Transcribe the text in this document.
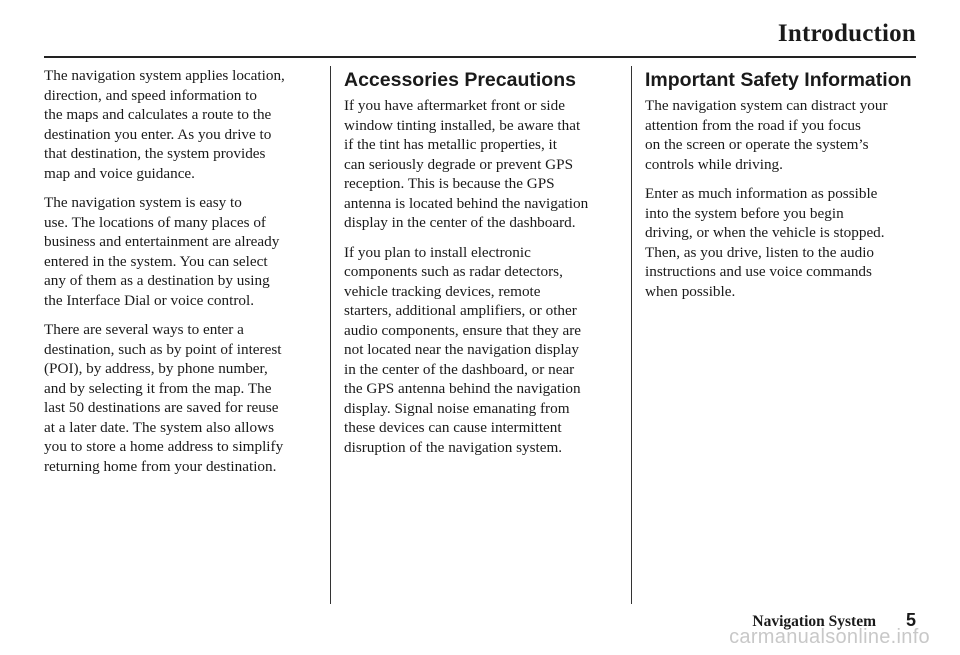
Introduction

The navigation system applies location,
direction, and speed information to
the maps and calculates a route to the
destination you enter. As you drive to
that destination, the system provides
map and voice guidance.

The navigation system is easy to
use. The locations of many places of
business and entertainment are already
entered in the system. You can select
any of them as a destination by using
the Interface Dial or voice control.

There are several ways to enter a
destination, such as by point of interest
(POI), by address, by phone number,
and by selecting it from the map. The
last 50 destinations are saved for reuse
at a later date. The system also allows
you to store a home address to simplify
returning home from your destination.

Accessories Precautions

If you have aftermarket front or side
window tinting installed, be aware that
if the tint has metallic properties, it
can seriously degrade or prevent GPS
reception. This is because the GPS
antenna is located behind the navigation
display in the center of the dashboard.

If you plan to install electronic
components such as radar detectors,
vehicle tracking devices, remote
starters, additional amplifiers, or other
audio components, ensure that they are
not located near the navigation display
in the center of the dashboard, or near
the GPS antenna behind the navigation
display. Signal noise emanating from
these devices can cause intermittent
disruption of the navigation system.

Important Safety Information

The navigation system can distract your
attention from the road if you focus
on the screen or operate the system’s
controls while driving.

Enter as much information as possible
into the system before you begin
driving, or when the vehicle is stopped.
Then, as you drive, listen to the audio
instructions and use voice commands
when possible.

Navigation System 5
carmanualsonline.info
